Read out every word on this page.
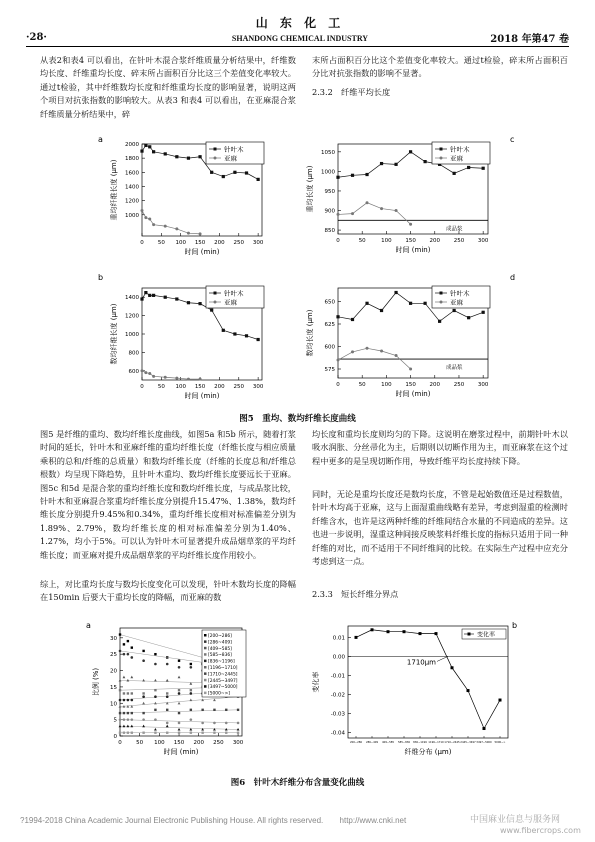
·28·
山 东 化 工
SHANDONG CHEMICAL INDUSTRY	2018 年第47 卷
从表2和表4 可以看出，在针叶木混合浆纤维质量分析结果中，纤维数均长度、纤维重均长度、碎末所占面积百分比这三个差值变化率较大。通过t检验，其中纤维数均长度和纤维重均长度的影响显著，说明这两个项目对抗张指数的影响较大。从表3 和表4 可以看出，在亚麻混合浆纤维质量分析结果中，碎
末所占面积百分比这个差值变化率较大。通过t检验，碎末所占面积百分比对抗张指数的影响不显著。
2.3.2　纤维平均长度
a
0	50 100 150 200 250 300
1000
1200
1400
1600
1800
2000
时间 (min)
重均纤维长度 (μm)
针叶木
亚麻
c
0	50	100 150 200 250 300
850
900
950
1000
1050
时间 (min)
重均长度 (μm)
成品浆
针叶木
亚麻
b
0	50 100 150 200 250 300
600
800
1000
1200
1400
时间 (min)
数均纤维长度 (μm)
针叶木
亚麻
d
0	50	100 150 200 250 300
575
600
625
650
时间 (min)
数均长度 (μm)
成品浆
针叶木
亚麻
图5　重均、数均纤维长度曲线
图5 是纤维的重均、数均纤维长度曲线，如图5a 和5b 所示，随着打浆时间的延长，针叶木和亚麻纤维的重均纤维长度（纤维长度与相应质量乘积的总和/纤维的总质量）和数均纤维长度（纤维的长度总和/纤维总根数）均呈现下降趋势，且针叶木重均、数均纤维长度要远长于亚麻。图5c 和5d 是混合浆的重均纤维长度和数均纤维长度，与成品浆比较，针叶木和亚麻混合浆重均纤维长度分别提升15.47%、1.38%，数均纤维长度分别提升9.45%和0.34%，重均纤维长度相对标准偏差分别为1.89%、2.79%，数均纤维长度的相对标准偏差分别为1.40%、1.27%，均小于5%。可以认为针叶木可显著提升成品烟草浆的平均纤维长度；而亚麻对提升成品烟草浆的平均纤维长度作用较小。
综上，对比重均长度与数均长度变化可以发现，针叶木数均长度的降幅在150min 后要大于重均长度的降幅，而亚麻的数
均长度和重均长度则均匀的下降。这说明在磨浆过程中，前期针叶木以吸水润胀、分丝帚化为主，后期则以切断作用为主，而亚麻浆在这个过程中更多的是呈现切断作用，导致纤维平均长度持续下降。
同时，无论是重均长度还是数均长度，不管是起始数值还是过程数值，针叶木均高于亚麻，这与上面湿重曲线略有差异，考虑到湿重的检测时纤维含水，也许是这两种纤维的纤维间结合水量的不同造成的差异。这也进一步说明，湿重这种间接反映浆料纤维长度的指标只适用于同一种纤维的对比，而不适用于不同纤维间的比较。在实际生产过程中应充分考虑到这一点。
2.3.3　短长纤维分界点
a	b
0	50 100 150 200 250 300
0
5
10
15
20
25
30
时间 (min)
比例 (%)
[200~286]
[286~409]
[409~585]
[585~836]
[836~1196]
[1196~1710]
[1710~2445]
[2445~3497]
[3497~5000]
[5000~>]
-0.04
-0.03
-0.02
-0.01
0.00
0.01
200~286 286~409 409~585 585~836 836~1196 1196~1710 1710~2445 2445~3497 3497~5000 5000~>
纤维分布 (μm)
变化率
1710μm
变化率
图6　针叶木纤维分布含量变化曲线
?1994-2018 China Academic Journal Electronic Publishing House. All rights reserved. http://www.cnki.net	中国麻业信息与服务网
www.fibercrops.com
